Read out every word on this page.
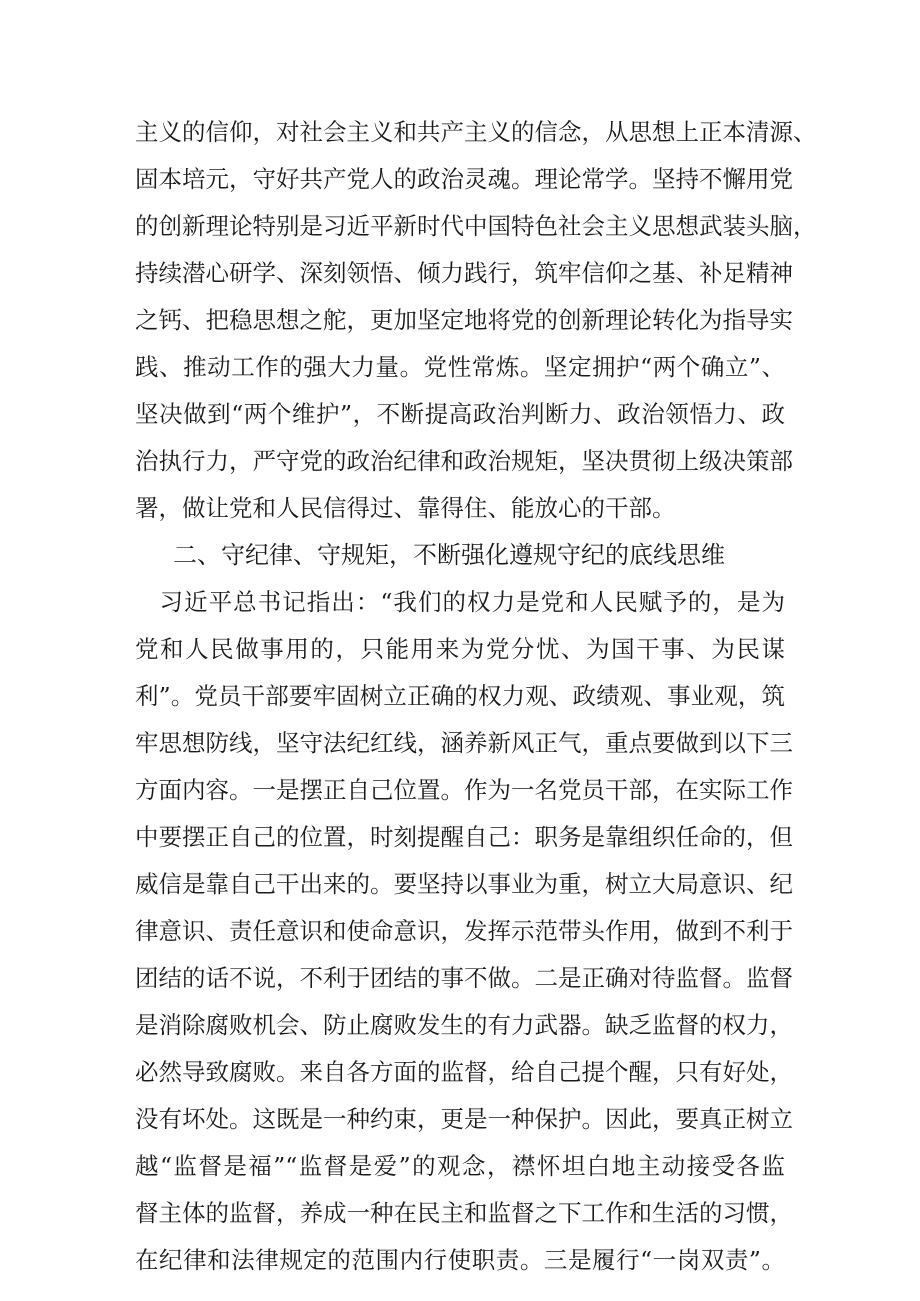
主义的信仰，对社会主义和共产主义的信念，从思想上正本清源、
固本培元，守好共产党人的政治灵魂。理论常学。坚持不懈用党
的创新理论特别是习近平新时代中国特色社会主义思想武装头脑，
持续潜心研学、深刻领悟、倾力践行，筑牢信仰之基、补足精神
之钙、把稳思想之舵，更加坚定地将党的创新理论转化为指导实
践、推动工作的强大力量。党性常炼。坚定拥护“两个确立”、
坚决做到“两个维护”，不断提高政治判断力、政治领悟力、政
治执行力，严守党的政治纪律和政治规矩，坚决贯彻上级决策部
署，做让党和人民信得过、靠得住、能放心的干部。
二、守纪律、守规矩，不断强化遵规守纪的底线思维
　习近平总书记指出：“我们的权力是党和人民赋予的，是为
党和人民做事用的，只能用来为党分忧、为国干事、为民谋
利”。党员干部要牢固树立正确的权力观、政绩观、事业观，筑
牢思想防线，坚守法纪红线，涵养新风正气，重点要做到以下三
方面内容。一是摆正自己位置。作为一名党员干部，在实际工作
中要摆正自己的位置，时刻提醒自己：职务是靠组织任命的，但
威信是靠自己干出来的。要坚持以事业为重，树立大局意识、纪
律意识、责任意识和使命意识，发挥示范带头作用，做到不利于
团结的话不说，不利于团结的事不做。二是正确对待监督。监督
是消除腐败机会、防止腐败发生的有力武器。缺乏监督的权力，
必然导致腐败。来自各方面的监督，给自己提个醒，只有好处，
没有坏处。这既是一种约束，更是一种保护。因此，要真正树立
越“监督是福”“监督是爱”的观念，襟怀坦白地主动接受各监
督主体的监督，养成一种在民主和监督之下工作和生活的习惯，
在纪律和法律规定的范围内行使职责。三是履行“一岗双责”。
